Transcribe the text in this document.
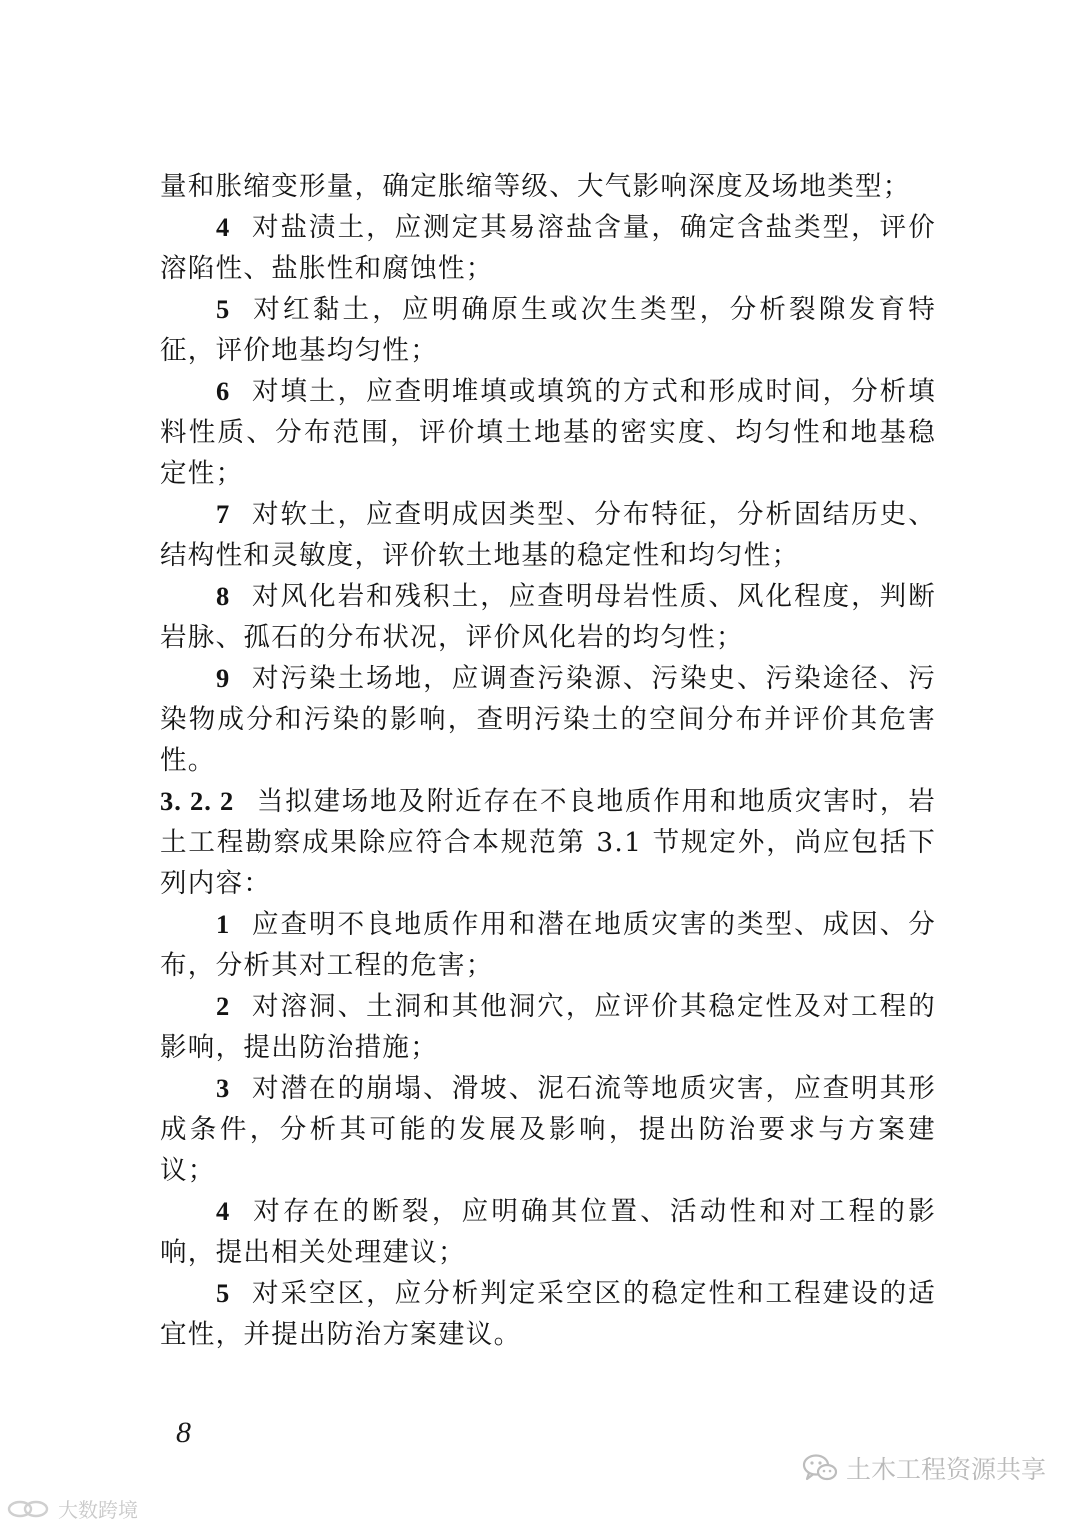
量和胀缩变形量，确定胀缩等级、大气影响深度及场地类型；

4 对盐渍土，应测定其易溶盐含量，确定含盐类型，评价溶陷性、盐胀性和腐蚀性；

5 对红黏土，应明确原生或次生类型，分析裂隙发育特征，评价地基均匀性；

6 对填土，应查明堆填或填筑的方式和形成时间，分析填料性质、分布范围，评价填土地基的密实度、均匀性和地基稳定性；

7 对软土，应查明成因类型、分布特征，分析固结历史、结构性和灵敏度，评价软土地基的稳定性和均匀性；

8 对风化岩和残积土，应查明母岩性质、风化程度，判断岩脉、孤石的分布状况，评价风化岩的均匀性；

9 对污染土场地，应调查污染源、污染史、污染途径、污染物成分和污染的影响，查明污染土的空间分布并评价其危害性。

3. 2. 2 当拟建场地及附近存在不良地质作用和地质灾害时，岩土工程勘察成果除应符合本规范第 3.1 节规定外，尚应包括下列内容：

1 应查明不良地质作用和潜在地质灾害的类型、成因、分布，分析其对工程的危害；

2 对溶洞、土洞和其他洞穴，应评价其稳定性及对工程的影响，提出防治措施；

3 对潜在的崩塌、滑坡、泥石流等地质灾害，应查明其形成条件，分析其可能的发展及影响，提出防治要求与方案建议；

4 对存在的断裂，应明确其位置、活动性和对工程的影响，提出相关处理建议；

5 对采空区，应分析判定采空区的稳定性和工程建设的适宜性，并提出防治方案建议。

8
土木工程资源共享
大数跨境
